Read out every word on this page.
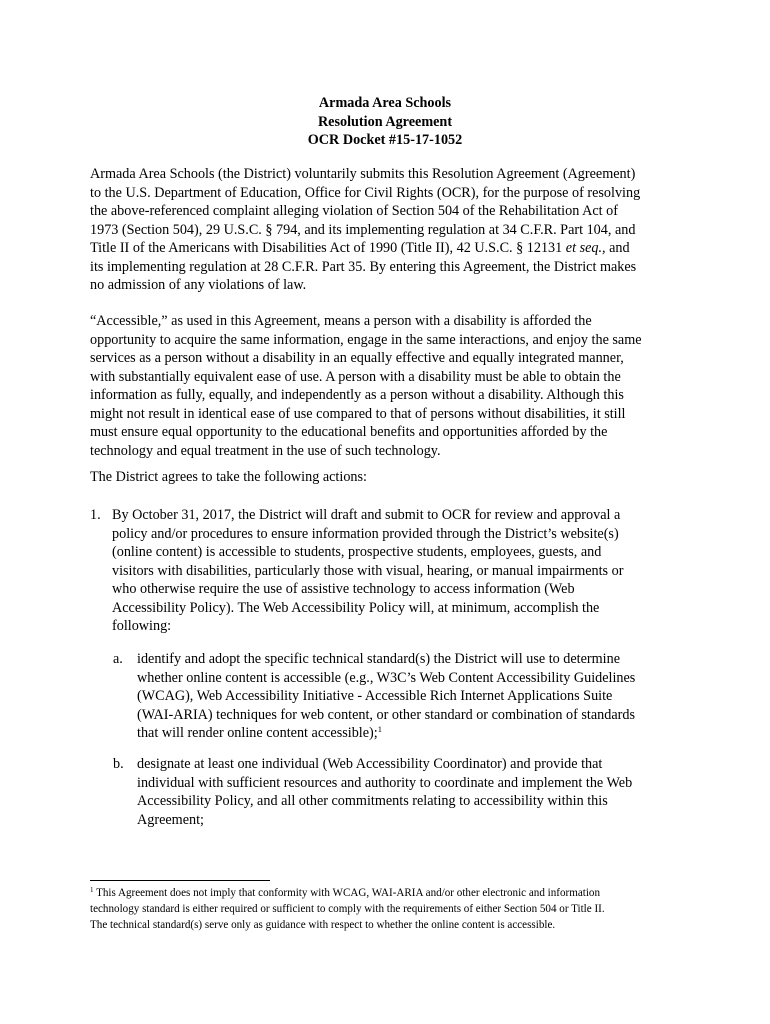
Armada Area Schools
Resolution Agreement
OCR Docket #15-17-1052
Armada Area Schools (the District) voluntarily submits this Resolution Agreement (Agreement)
to the U.S. Department of Education, Office for Civil Rights (OCR), for the purpose of resolving
the above-referenced complaint alleging violation of Section 504 of the Rehabilitation Act of
1973 (Section 504), 29 U.S.C. § 794, and its implementing regulation at 34 C.F.R. Part 104, and
Title II of the Americans with Disabilities Act of 1990 (Title II), 42 U.S.C. § 12131 et seq., and
its implementing regulation at 28 C.F.R. Part 35. By entering this Agreement, the District makes
no admission of any violations of law.
“Accessible,” as used in this Agreement, means a person with a disability is afforded the
opportunity to acquire the same information, engage in the same interactions, and enjoy the same
services as a person without a disability in an equally effective and equally integrated manner,
with substantially equivalent ease of use. A person with a disability must be able to obtain the
information as fully, equally, and independently as a person without a disability. Although this
might not result in identical ease of use compared to that of persons without disabilities, it still
must ensure equal opportunity to the educational benefits and opportunities afforded by the
technology and equal treatment in the use of such technology.
The District agrees to take the following actions:
1. By October 31, 2017, the District will draft and submit to OCR for review and approval a
policy and/or procedures to ensure information provided through the District’s website(s)
(online content) is accessible to students, prospective students, employees, guests, and
visitors with disabilities, particularly those with visual, hearing, or manual impairments or
who otherwise require the use of assistive technology to access information (Web
Accessibility Policy). The Web Accessibility Policy will, at minimum, accomplish the
following:
a. identify and adopt the specific technical standard(s) the District will use to determine
whether online content is accessible (e.g., W3C’s Web Content Accessibility Guidelines
(WCAG), Web Accessibility Initiative - Accessible Rich Internet Applications Suite
(WAI-ARIA) techniques for web content, or other standard or combination of standards
that will render online content accessible);$^1$
b. designate at least one individual (Web Accessibility Coordinator) and provide that
individual with sufficient resources and authority to coordinate and implement the Web
Accessibility Policy, and all other commitments relating to accessibility within this
Agreement;
$^1$ This Agreement does not imply that conformity with WCAG, WAI-ARIA and/or other electronic and information
technology standard is either required or sufficient to comply with the requirements of either Section 504 or Title II.
The technical standard(s) serve only as guidance with respect to whether the online content is accessible.
